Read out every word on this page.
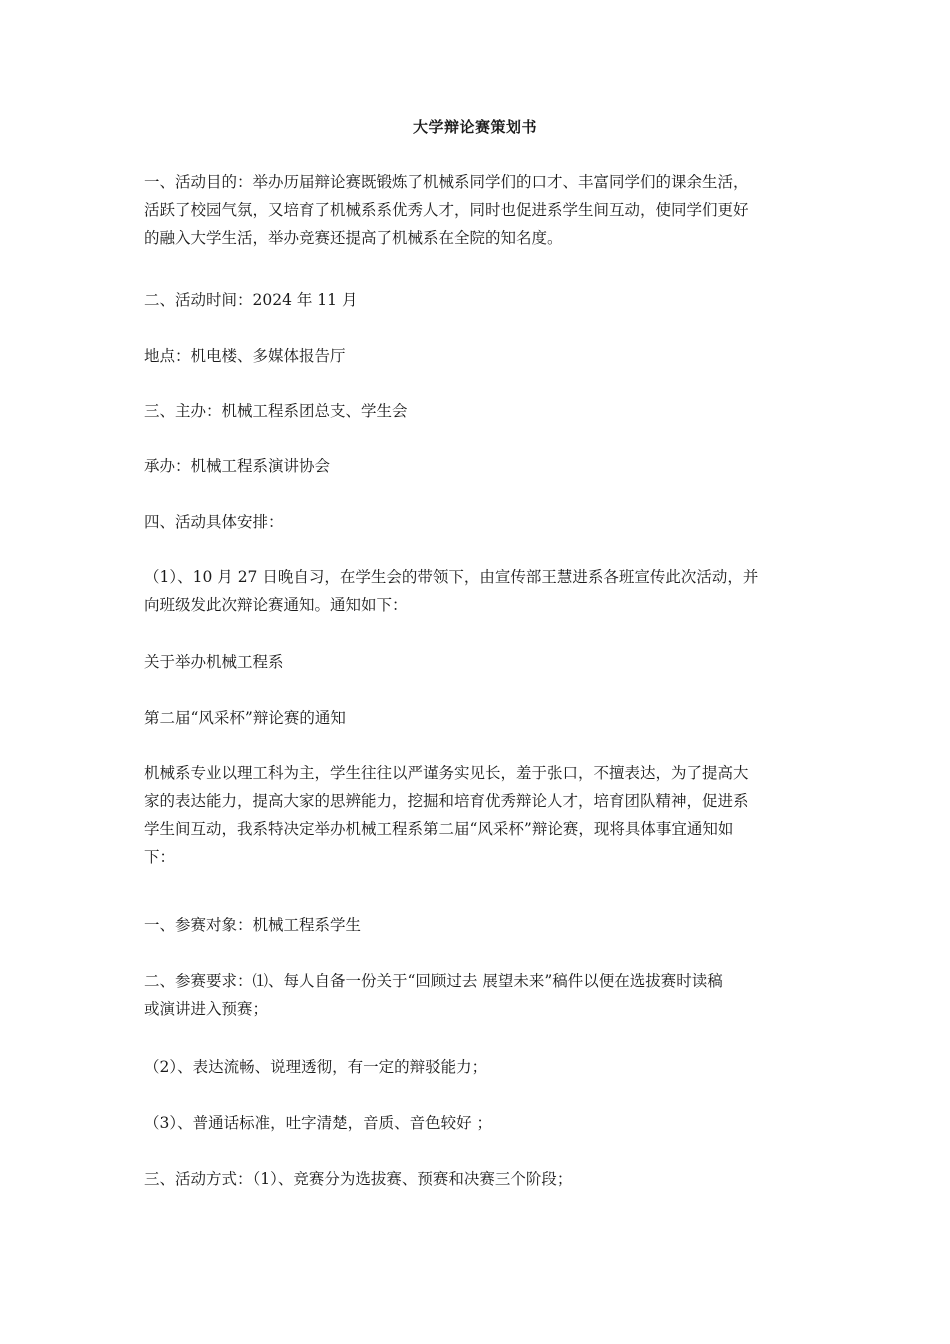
大学辩论赛策划书
一、活动目的：举办历届辩论赛既锻炼了机械系同学们的口才、丰富同学们的课余生活，
活跃了校园气氛，又培育了机械系系优秀人才，同时也促进系学生间互动，使同学们更好
的融入大学生活，举办竞赛还提高了机械系在全院的知名度。
二、活动时间：2024 年 11 月
地点：机电楼、多媒体报告厅
三、主办：机械工程系团总支、学生会
承办：机械工程系演讲协会
四、活动具体安排：
（1）、10 月 27 日晚自习，在学生会的带领下，由宣传部王慧进系各班宣传此次活动，并
向班级发此次辩论赛通知。通知如下：
关于举办机械工程系
第二届“风采杯”辩论赛的通知
机械系专业以理工科为主，学生往往以严谨务实见长，羞于张口，不擅表达，为了提高大
家的表达能力，提高大家的思辨能力，挖掘和培育优秀辩论人才，培育团队精神，促进系
学生间互动，我系特决定举办机械工程系第二届“风采杯”辩论赛，现将具体事宜通知如
下：
一、参赛对象：机械工程系学生
二、参赛要求：⑴、每人自备一份关于“回顾过去 展望未来”稿件以便在选拔赛时读稿
或演讲进入预赛；
（2）、表达流畅、说理透彻，有一定的辩驳能力；
（3）、普通话标准，吐字清楚，音质、音色较好 ；
三、活动方式：（1）、竞赛分为选拔赛、预赛和决赛三个阶段；
